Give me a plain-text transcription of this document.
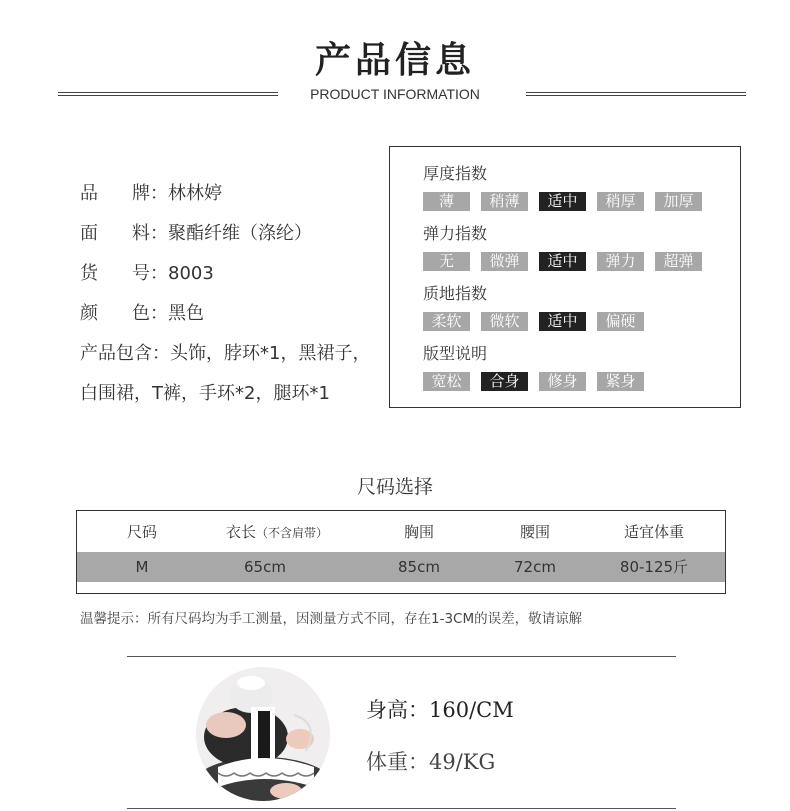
产品信息
PRODUCT INFORMATION
品 牌：林林婷
面 料：聚酯纤维（涤纶）
货 号：8003
颜 色：黑色
产品包含：头饰，脖环*1，黑裙子，
白围裙，T裤，手环*2，腿环*1
厚度指数
薄 稍薄 适中 稍厚 加厚
弹力指数
无 微弹 适中 弹力 超弹
质地指数
柔软 微软 适中 偏硬
版型说明
宽松 合身 修身 紧身
尺码选择
尺码	衣长（不含肩带）	胸围	腰围	适宜体重
M	65cm	85cm	72cm	80-125斤
温馨提示：所有尺码均为手工测量，因测量方式不同，存在1-3CM的误差，敬请谅解
身高：160/CM
体重：49/KG
